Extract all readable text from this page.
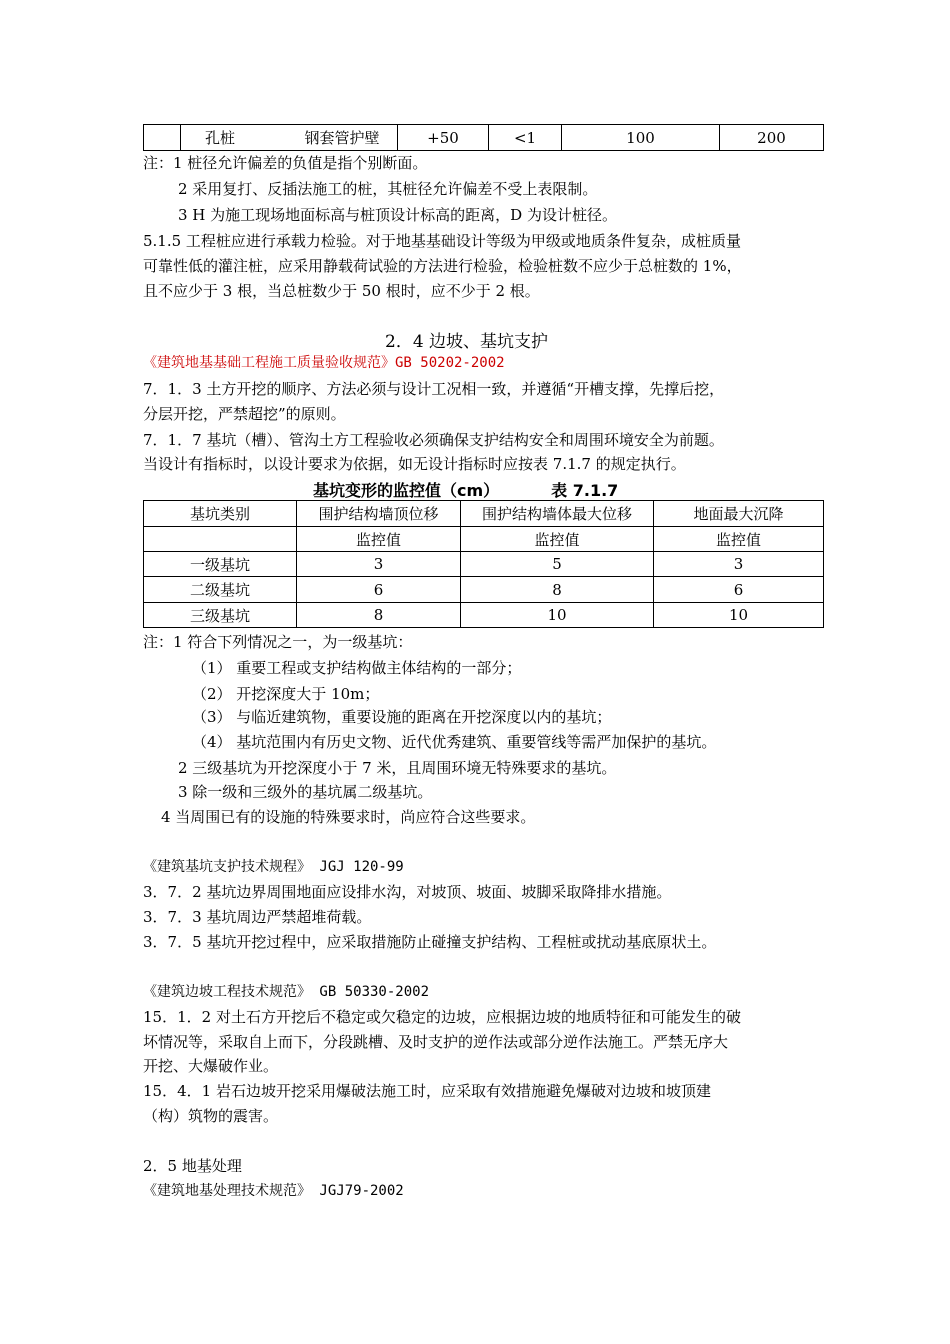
	孔桩	钢套管护壁	+50	<1	100	200
注：1 桩径允许偏差的负值是指个别断面。
2 采用复打、反插法施工的桩，其桩径允许偏差不受上表限制。
3 H 为施工现场地面标高与桩顶设计标高的距离，D 为设计桩径。
5.1.5 工程桩应进行承载力检验。对于地基基础设计等级为甲级或地质条件复杂，成桩质量
可靠性低的灌注桩，应采用静载荷试验的方法进行检验，检验桩数不应少于总桩数的 1%，
且不应少于 3 根，当总桩数少于 50 根时，应不少于 2 根。
2．4 边坡、基坑支护
《建筑地基基础工程施工质量验收规范》GB 50202-2002
7．1．3 土方开挖的顺序、方法必须与设计工况相一致，并遵循“开槽支撑，先撑后挖，
分层开挖，严禁超挖”的原则。
7．1．7 基坑（槽）、管沟土方工程验收必须确保支护结构安全和周围环境安全为前题。
当设计有指标时，以设计要求为依据，如无设计指标时应按表 7.1.7 的规定执行。
基坑变形的监控值（cm）	表 7.1.7
基坑类别	围护结构墙顶位移	围护结构墙体最大位移	地面最大沉降
	监控值	监控值	监控值
一级基坑	3	5	3
二级基坑	6	8	6
三级基坑	8	10	10
注：1 符合下列情况之一，为一级基坑：
（1） 重要工程或支护结构做主体结构的一部分；
（2） 开挖深度大于 10m；
（3） 与临近建筑物，重要设施的距离在开挖深度以内的基坑；
（4） 基坑范围内有历史文物、近代优秀建筑、重要管线等需严加保护的基坑。
2 三级基坑为开挖深度小于 7 米，且周围环境无特殊要求的基坑。
3 除一级和三级外的基坑属二级基坑。
4 当周围已有的设施的特殊要求时，尚应符合这些要求。
《建筑基坑支护技术规程》 JGJ 120-99
3．7．2 基坑边界周围地面应设排水沟，对坡顶、坡面、坡脚采取降排水措施。
3．7．3 基坑周边严禁超堆荷载。
3．7．5 基坑开挖过程中，应采取措施防止碰撞支护结构、工程桩或扰动基底原状土。
《建筑边坡工程技术规范》 GB 50330-2002
15．1．2 对土石方开挖后不稳定或欠稳定的边坡，应根据边坡的地质特征和可能发生的破
坏情况等，采取自上而下，分段跳槽、及时支护的逆作法或部分逆作法施工。严禁无序大
开挖、大爆破作业。
15．4．1 岩石边坡开挖采用爆破法施工时，应采取有效措施避免爆破对边坡和坡顶建
（构）筑物的震害。
2．5 地基处理
《建筑地基处理技术规范》 JGJ79-2002
